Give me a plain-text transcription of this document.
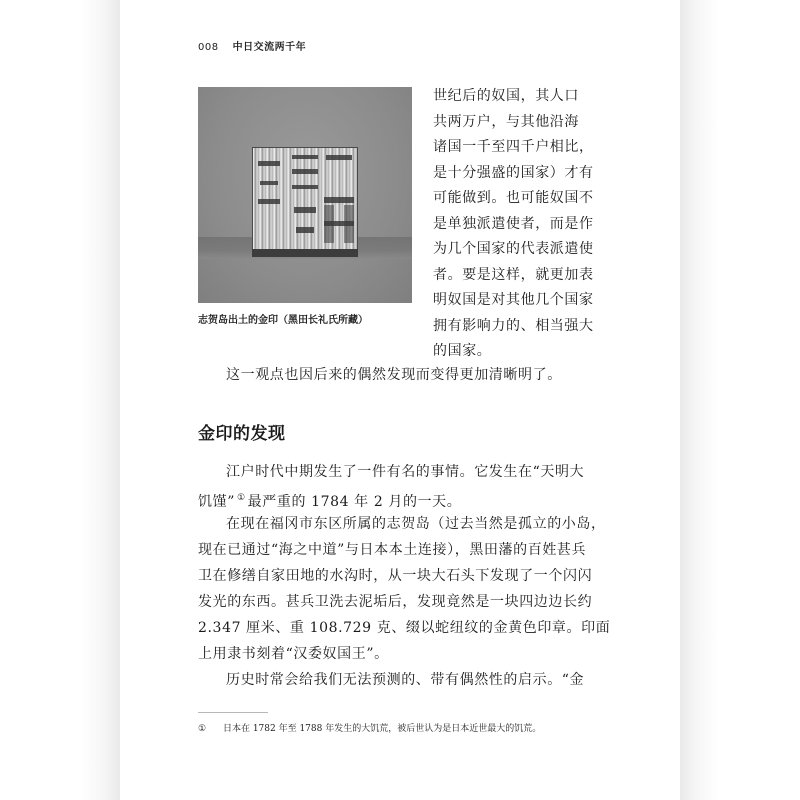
008 中日交流两千年
志贺岛出土的金印（黑田长礼氏所藏）
世纪后的奴国，其人口
共两万户，与其他沿海
诸国一千至四千户相比，
是十分强盛的国家）才有
可能做到。也可能奴国不
是单独派遣使者，而是作
为几个国家的代表派遣使
者。要是这样，就更加表
明奴国是对其他几个国家
拥有影响力的、相当强大
的国家。
这一观点也因后来的偶然发现而变得更加清晰明了。
金印的发现
江户时代中期发生了一件有名的事情。它发生在“天明大
饥馑” ① 最严重的 1784 年 2 月的一天。
在现在福冈市东区所属的志贺岛（过去当然是孤立的小岛，
现在已通过“海之中道”与日本本土连接），黑田藩的百姓甚兵
卫在修缮自家田地的水沟时，从一块大石头下发现了一个闪闪
发光的东西。甚兵卫洗去泥垢后，发现竟然是一块四边边长约
2.347 厘米、重 108.729 克、缀以蛇纽纹的金黄色印章。印面
上用隶书刻着“汉委奴国王”。
历史时常会给我们无法预测的、带有偶然性的启示。“金
① 日本在 1782 年至 1788 年发生的大饥荒，被后世认为是日本近世最大的饥荒。
